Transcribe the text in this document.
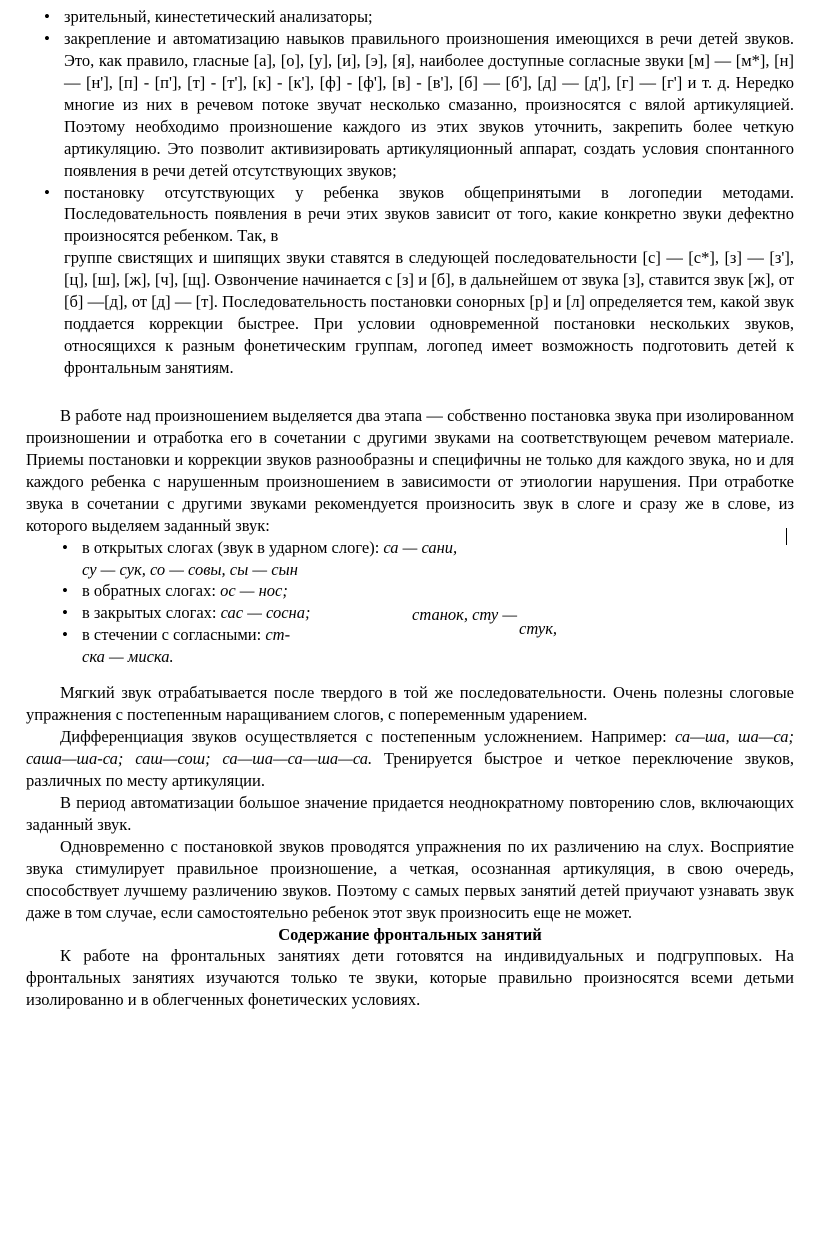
• зрительный, кинестетический анализаторы;
• закрепление и автоматизацию навыков правильного произношения имеющихся в речи детей звуков. Это, как правило, гласные [а], [о], [у], [и], [э], [я], наиболее доступные согласные звуки [м] — [м*], [н] — [н'], [п] - [п'], [т] - [т'], [к] - [к'], [ф] - [ф'], [в] - [в'], [б] — [б'], [д] — [д'], [г] — [г'] и т. д. Нередко многие из них в речевом потоке звучат несколько смазанно, произносятся с вялой артикуляцией. Поэтому необходимо произношение каждого из этих звуков уточнить, закрепить более четкую артикуляцию. Это позволит активизировать артикуляционный аппарат, создать условия спонтанного появления в речи детей отсутствующих звуков;
• постановку отсутствующих у ребенка звуков общепринятыми в логопедии методами. Последовательность появления в речи этих звуков зависит от того, какие конкретно звуки дефектно произносятся ребенком. Так, в

группе свистящих и шипящих звуки ставятся в следующей последовательности [с] — [с*], [з] — [з'], [ц], [ш], [ж], [ч], [щ]. Озвончение начинается с [з] и [б], в дальнейшем от звука [з], ставится звук [ж], от [б] —[д], от [д] — [т]. Последовательность постановки сонорных [р] и [л] определяется тем, какой звук поддается коррекции быстрее. При условии одновременной постановки нескольких звуков, относящихся к разным фонетическим группам, логопед имеет возможность подготовить детей к фронтальным занятиям.

В работе над произношением выделяется два этапа — собственно постановка звука при изолированном произношении и отработка его в сочетании с другими звуками на соответствующем речевом материале. Приемы постановки и коррекции звуков разнообразны и специфичны не только для каждого звука, но и для каждого ребенка с нарушенным произношением в зависимости от этиологии нарушения. При отработке звука в сочетании с другими звуками рекомендуется произносить звук в слоге и сразу же в слове, из которого выделяем заданный звук:

• в открытых слогах (звук в ударном слоге): са — сани,

су — сук, со — совы, сы — сын

• в обратных слогах: ос — нос;
• в закрытых слогах: сас — сосна;
• в стечении с согласными: ст-

ска — миска.

станок, сту —стук,

Мягкий звук отрабатывается после твердого в той же последовательности. Очень полезны слоговые упражнения с постепенным наращиванием слогов, с попеременным ударением.

Дифференциация звуков осуществляется с постепенным усложнением. Например: са—ша, ша—са; саша—ша-са; саш—сош; са—ша—са—ша—са. Тренируется быстрое и четкое переключение звуков, различных по месту артикуляции.

В период автоматизации большое значение придается неоднократному повторению слов, включающих заданный звук.

Одновременно с постановкой звуков проводятся упражнения по их различению на слух. Восприятие звука стимулирует правильное произношение, а четкая, осознанная артикуляция, в свою очередь, способствует лучшему различению звуков. Поэтому с самых первых занятий детей приучают узнавать звук даже в том случае, если самостоятельно ребенок этот звук произносить еще не может.

Содержание фронтальных занятий

К работе на фронтальных занятиях дети готовятся на индивидуальных и подгрупповых. На фронтальных занятиях изучаются только те звуки, которые правильно произносятся всеми детьми изолированно и в облегченных фонетических условиях.
